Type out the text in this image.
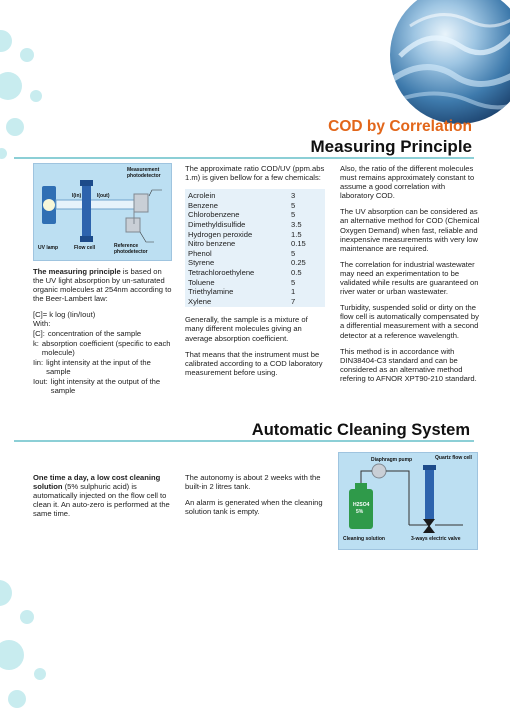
COD by Correlation
Measuring Principle
Measurement photodetector
I(in)	I(out)
UV lamp	Flow cell	Reference photodetector

The measuring principle is based on the UV light absorption by un-saturated organic molecules at 254nm according to the Beer-Lambert law:

[C]= k log (Iin/Iout)
With:
[C]: concentration of the sample
k: absorption coefficient (specific to each molecule)
Iin: light intensity at the input of the sample
Iout: light intensity at the output of the sample

The approximate ratio COD/UV (ppm.abs 1.m) is given bellow for a few chemicals:

Acrolein	3
Benzene	5
Chlorobenzene	5
Dimethyldisulfide	3.5
Hydrogen peroxide	1.5
Nitro benzene	0.15
Phenol	5
Styrene	0.25
Tetrachloroethylene	0.5
Toluene	5
Triethylamine	1
Xylene	7

Generally, the sample is a mixture of many different molecules giving an average absorption coefficient.

That means that the instrument must be calibrated according to a COD laboratory measurement before using.

Also, the ratio of the different molecules must remains approximately constant to assume a good correlation with laboratory COD.

The UV absorption can be considered as an alternative method for COD (Chemical Oxygen Demand) when fast, reliable and inexpensive measurements with very low maintenance are required.

The correlation for industrial wastewater may need an experimentation to be validated while results are guaranteed on river water or urban wastewater.

Turbidity, suspended solid or dirty on the flow cell is automatically compensated by a differential measurement with a second detector at a reference wavelength.

This method is in accordance with DIN38404-C3 standard and can be considered as an alternative method refering to AFNOR XPT90-210 standard.

Automatic Cleaning System

One time a day, a low cost cleaning solution (5% sulphuric acid) is automatically injected on the flow cell to clean it. An auto-zero is performed at the same time.

The autonomy is about 2 weeks with the built-in 2 litres tank.

An alarm is generated when the cleaning solution tank is empty.

Diaphragm pump	Quartz flow cell
H2SO4
5%
Cleaning solution	3-ways electric valve
